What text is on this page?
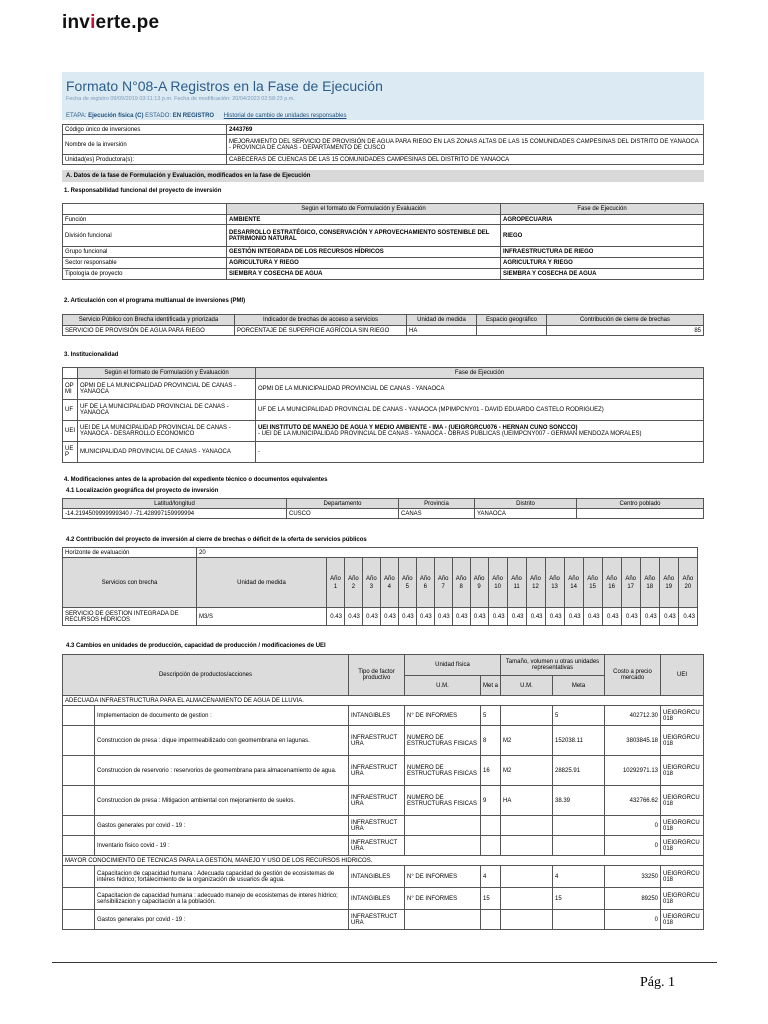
invierte.pe
Formato N°08-A Registros en la Fase de Ejecución
Fecha de registro 09/09/2019 03:11:13 p.m. Fecha de modificación: 20/04/2023 02:58:23 p.m.
ETAPA: Ejecución física (C) ESTADO: EN REGISTRO Historial de cambio de unidades responsables
Código único de inversiones	2443769
Nombre de la inversión	MEJORAMIENTO DEL SERVICIO DE PROVISIÓN DE AGUA PARA RIEGO EN LAS ZONAS ALTAS DE LAS 15 COMUNIDADES CAMPESINAS DEL DISTRITO DE YANAOCA - PROVINCIA DE CANAS - DEPARTAMENTO DE CUSCO
Unidad(es) Productora(s):	CABECERAS DE CUENCAS DE LAS 15 COMUNIDADES CAMPESINAS DEL DISTRITO DE YANAOCA
A. Datos de la fase de Formulación y Evaluación, modificados en la fase de Ejecución
1. Responsabilidad funcional del proyecto de inversión
	Según el formato de Formulación y Evaluación	Fase de Ejecución
Función	AMBIENTE	AGROPECUARIA
División funcional	DESARROLLO ESTRATÉGICO, CONSERVACIÓN Y APROVECHAMIENTO SOSTENIBLE DEL PATRIMONIO NATURAL	RIEGO
Grupo funcional	GESTIÓN INTEGRADA DE LOS RECURSOS HÍDRICOS	INFRAESTRUCTURA DE RIEGO
Sector responsable	AGRICULTURA Y RIEGO	AGRICULTURA Y RIEGO
Tipología de proyecto	SIEMBRA Y COSECHA DE AGUA	SIEMBRA Y COSECHA DE AGUA
2. Articulación con el programa multianual de inversiones (PMI)
Servicio Público con Brecha identificada y priorizada	Indicador de brechas de acceso a servicios	Unidad de medida	Espacio geográfico	Contribución de cierre de brechas
SERVICIO DE PROVISIÓN DE AGUA PARA RIEGO	PORCENTAJE DE SUPERFICIE AGRÍCOLA SIN RIEGO	HA		85
3. Institucionalidad
	Según el formato de Formulación y Evaluación	Fase de Ejecución
OP MI	OPMI DE LA MUNICIPALIDAD PROVINCIAL DE CANAS - YANAOCA	OPMI DE LA MUNICIPALIDAD PROVINCIAL DE CANAS - YANAOCA
UF	UF DE LA MUNICIPALIDAD PROVINCIAL DE CANAS - YANAOCA	UF DE LA MUNICIPALIDAD PROVINCIAL DE CANAS - YANAOCA (MPIMPCNY01 - DAVID EDUARDO CASTELO RODRIGUEZ)
UEI	UEI DE LA MUNICIPALIDAD PROVINCIAL DE CANAS - YANAOCA - DESARROLLO ECONOMICO	UEI INSTITUTO DE MANEJO DE AGUA Y MEDIO AMBIENTE - IMA - (UEIGRGRCU076 - HERNAN CUNO SONCCO)
- UEI DE LA MUNICIPALIDAD PROVINCIAL DE CANAS - YANAOCA - OBRAS PUBLICAS (UEIMPCNY007 - GERMAN MENDOZA MORALES)

UE P	MUNICIPALIDAD PROVINCIAL DE CANAS - YANAOCA	-
4. Modificaciones antes de la aprobación del expediente técnico o documentos equivalentes
4.1 Localización geográfica del proyecto de inversión
Latitud/longitud	Departamento	Provincia	Distrito	Centro poblado
-14.2194509999999340 / -71.428997159999994	CUSCO	CANAS	YANAOCA	
4.2 Contribución del proyecto de inversión al cierre de brechas o déficit de la oferta de servicios públicos
Horizonte de evaluación	20																				
Servicios con brecha	Unidad de medida	Año 1	Año 2	Año 3	Año 4	Año 5	Año 6	Año 7	Año 8	Año 9	Año 10	Año 11	Año 12	Año 13	Año 14	Año 15	Año 16	Año 17	Año 18	Año 19	Año 20
SERVICIO DE GESTION INTEGRADA DE RECURSOS HÍDRICOS	M3/S	0.43	0.43	0.43	0.43	0.43	0.43	0.43	0.43	0.43	0.43	0.43	0.43	0.43	0.43	0.43	0.43	0.43	0.43	0.43	0.43
4.3 Cambios en unidades de producción, capacidad de producción / modificaciones de UEI
Descripción de productos/acciones		Tipo de factor productivo	Unidad física		Tamaño, volumen u otras unidades representativas		Costo a precio mercado	UEI
			U.M.	Met a	U.M.	Meta		
ADECUADA INFRAESTRUCTURA PARA EL ALMACENAMIENTO DE AGUA DE LLUVIA.								
	Implementacion de documento de gestion :	INTANGIBLES	N° DE INFORMES	5		5	402712.30	UEIGRGRCU 018
	Construccion de presa : dique impermeabilizado con geomembrana en lagunas.	INFRAESTRUCT URA	NUMERO DE ESTRUCTURAS FISICAS	8	M2	152038.11	3803845.18	UEIGRGRCU 018
	Construccion de reservorio : reservorios de geomembrana para almacenamiento de agua.	INFRAESTRUCT URA	NUMERO DE ESTRUCTURAS FISICAS	16	M2	28825.91	10292971.13	UEIGRGRCU 018
	Construccion de presa : Mitigacion ambiental con mejoramiento de suelos.	INFRAESTRUCT URA	NUMERO DE ESTRUCTURAS FISICAS	9	HA	38.39	432766.62	UEIGRGRCU 018
	Gastos generales por covid - 19 :	INFRAESTRUCT URA					0	UEIGRGRCU 018
	Inventario fisico covid - 19 :	INFRAESTRUCT URA					0	UEIGRGRCU 018
MAYOR CONOCIMIENTO DE TECNICAS PARA LA GESTION, MANEJO Y USO DE LOS RECURSOS HIDRICOS.								
	Capacitacion de capacidad humana : Adecuada capacidad de gestión de ecosistemas de interes hidrico; fortalecimiento de la organización de usuarios de agua.	INTANGIBLES	N° DE INFORMES	4		4	33250	UEIGRGRCU 018
	Capacitacion de capacidad humana : adecuado manejo de ecosistemas de interes hídrico; sensibilizacion y capacitación a la población.	INTANGIBLES	N° DE INFORMES	15		15	89250	UEIGRGRCU 018
	Gastos generales por covid - 19 :	INFRAESTRUCT URA					0	UEIGRGRCU 018
Pág. 1
